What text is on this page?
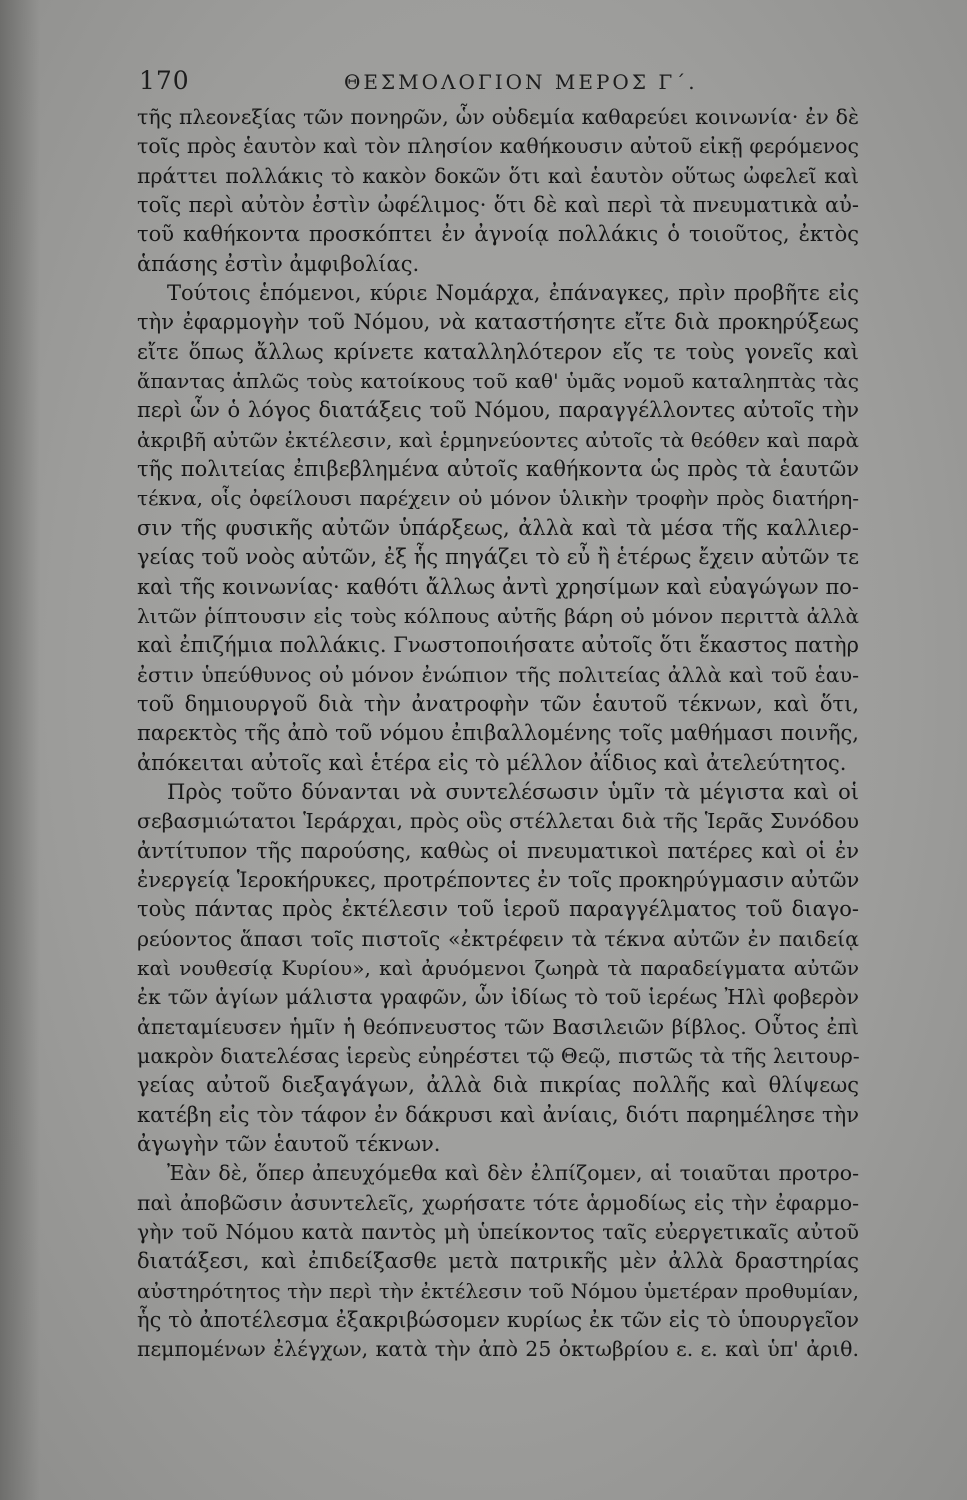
170	ΘΕΣΜΟΛΟΓΙΟΝ ΜΕΡΟΣ Γ΄.
τῆς πλεονεξίας τῶν πονηρῶν, ὧν οὐδεμία καθαρεύει κοινωνία· ἐν δὲ
τοῖς πρὸς ἑαυτὸν καὶ τὸν πλησίον καθήκουσιν αὐτοῦ εἰκῇ φερόμενος
πράττει πολλάκις τὸ κακὸν δοκῶν ὅτι καὶ ἑαυτὸν οὕτως ὠφελεῖ καὶ
τοῖς περὶ αὐτὸν ἐστὶν ὠφέλιμος· ὅτι δὲ καὶ περὶ τὰ πνευματικὰ αὐ-
τοῦ καθήκοντα προσκόπτει ἐν ἀγνοίᾳ πολλάκις ὁ τοιοῦτος, ἐκτὸς
ἁπάσης ἐστὶν ἀμφιβολίας.
Τούτοις ἑπόμενοι, κύριε Νομάρχα, ἐπάναγκες, πρὶν προβῆτε εἰς
τὴν ἐφαρμογὴν τοῦ Νόμου, νὰ καταστήσητε εἴτε διὰ προκηρύξεως
εἴτε ὅπως ἄλλως κρίνετε καταλληλότερον εἴς τε τοὺς γονεῖς καὶ
ἅπαντας ἁπλῶς τοὺς κατοίκους τοῦ καθ' ὑμᾶς νομοῦ καταληπτὰς τὰς
περὶ ὧν ὁ λόγος διατάξεις τοῦ Νόμου, παραγγέλλοντες αὐτοῖς τὴν
ἀκριβῆ αὐτῶν ἐκτέλεσιν, καὶ ἑρμηνεύοντες αὐτοῖς τὰ θεόθεν καὶ παρὰ
τῆς πολιτείας ἐπιβεβλημένα αὐτοῖς καθήκοντα ὡς πρὸς τὰ ἑαυτῶν
τέκνα, οἷς ὀφείλουσι παρέχειν οὐ μόνον ὑλικὴν τροφὴν πρὸς διατήρη-
σιν τῆς φυσικῆς αὐτῶν ὑπάρξεως, ἀλλὰ καὶ τὰ μέσα τῆς καλλιερ-
γείας τοῦ νοὸς αὐτῶν, ἐξ ἧς πηγάζει τὸ εὖ ἢ ἑτέρως ἔχειν αὐτῶν τε
καὶ τῆς κοινωνίας· καθότι ἄλλως ἀντὶ χρησίμων καὶ εὐαγώγων πο-
λιτῶν ῥίπτουσιν εἰς τοὺς κόλπους αὐτῆς βάρη οὐ μόνον περιττὰ ἀλλὰ
καὶ ἐπιζήμια πολλάκις. Γνωστοποιήσατε αὐτοῖς ὅτι ἕκαστος πατὴρ
ἐστιν ὑπεύθυνος οὐ μόνον ἐνώπιον τῆς πολιτείας ἀλλὰ καὶ τοῦ ἑαυ-
τοῦ δημιουργοῦ διὰ τὴν ἀνατροφὴν τῶν ἑαυτοῦ τέκνων, καὶ ὅτι,
παρεκτὸς τῆς ἀπὸ τοῦ νόμου ἐπιβαλλομένης τοῖς μαθήμασι ποινῆς,
ἀπόκειται αὐτοῖς καὶ ἑτέρα εἰς τὸ μέλλον ἀΐδιος καὶ ἀτελεύτητος.
Πρὸς τοῦτο δύνανται νὰ συντελέσωσιν ὑμῖν τὰ μέγιστα καὶ οἱ
σεβασμιώτατοι Ἱεράρχαι, πρὸς οὓς στέλλεται διὰ τῆς Ἱερᾶς Συνόδου
ἀντίτυπον τῆς παρούσης, καθὼς οἱ πνευματικοὶ πατέρες καὶ οἱ ἐν
ἐνεργείᾳ Ἱεροκήρυκες, προτρέποντες ἐν τοῖς προκηρύγμασιν αὐτῶν
τοὺς πάντας πρὸς ἐκτέλεσιν τοῦ ἱεροῦ παραγγέλματος τοῦ διαγο-
ρεύοντος ἅπασι τοῖς πιστοῖς «ἐκτρέφειν τὰ τέκνα αὐτῶν ἐν παιδείᾳ
καὶ νουθεσίᾳ Κυρίου», καὶ ἀρυόμενοι ζωηρὰ τὰ παραδείγματα αὐτῶν
ἐκ τῶν ἁγίων μάλιστα γραφῶν, ὧν ἰδίως τὸ τοῦ ἱερέως Ἠλὶ φοβερὸν
ἀπεταμίευσεν ἡμῖν ἡ θεόπνευστος τῶν Βασιλειῶν βίβλος. Οὗτος ἐπὶ
μακρὸν διατελέσας ἱερεὺς εὐηρέστει τῷ Θεῷ, πιστῶς τὰ τῆς λειτουρ-
γείας αὐτοῦ διεξαγάγων, ἀλλὰ διὰ πικρίας πολλῆς καὶ θλίψεως
κατέβη εἰς τὸν τάφον ἐν δάκρυσι καὶ ἀνίαις, διότι παρημέλησε τὴν
ἀγωγὴν τῶν ἑαυτοῦ τέκνων.
Ἐὰν δὲ, ὅπερ ἀπευχόμεθα καὶ δὲν ἐλπίζομεν, αἱ τοιαῦται προτρο-
παὶ ἀποβῶσιν ἀσυντελεῖς, χωρήσατε τότε ἁρμοδίως εἰς τὴν ἐφαρμο-
γὴν τοῦ Νόμου κατὰ παντὸς μὴ ὑπείκοντος ταῖς εὐεργετικαῖς αὐτοῦ
διατάξεσι, καὶ ἐπιδείξασθε μετὰ πατρικῆς μὲν ἀλλὰ δραστηρίας
αὐστηρότητος τὴν περὶ τὴν ἐκτέλεσιν τοῦ Νόμου ὑμετέραν προθυμίαν,
ἧς τὸ ἀποτέλεσμα ἐξακριβώσομεν κυρίως ἐκ τῶν εἰς τὸ ὑπουργεῖον
πεμπομένων ἐλέγχων, κατὰ τὴν ἀπὸ 25 ὀκτωβρίου ε. ε. καὶ ὑπ' ἀριθ.
